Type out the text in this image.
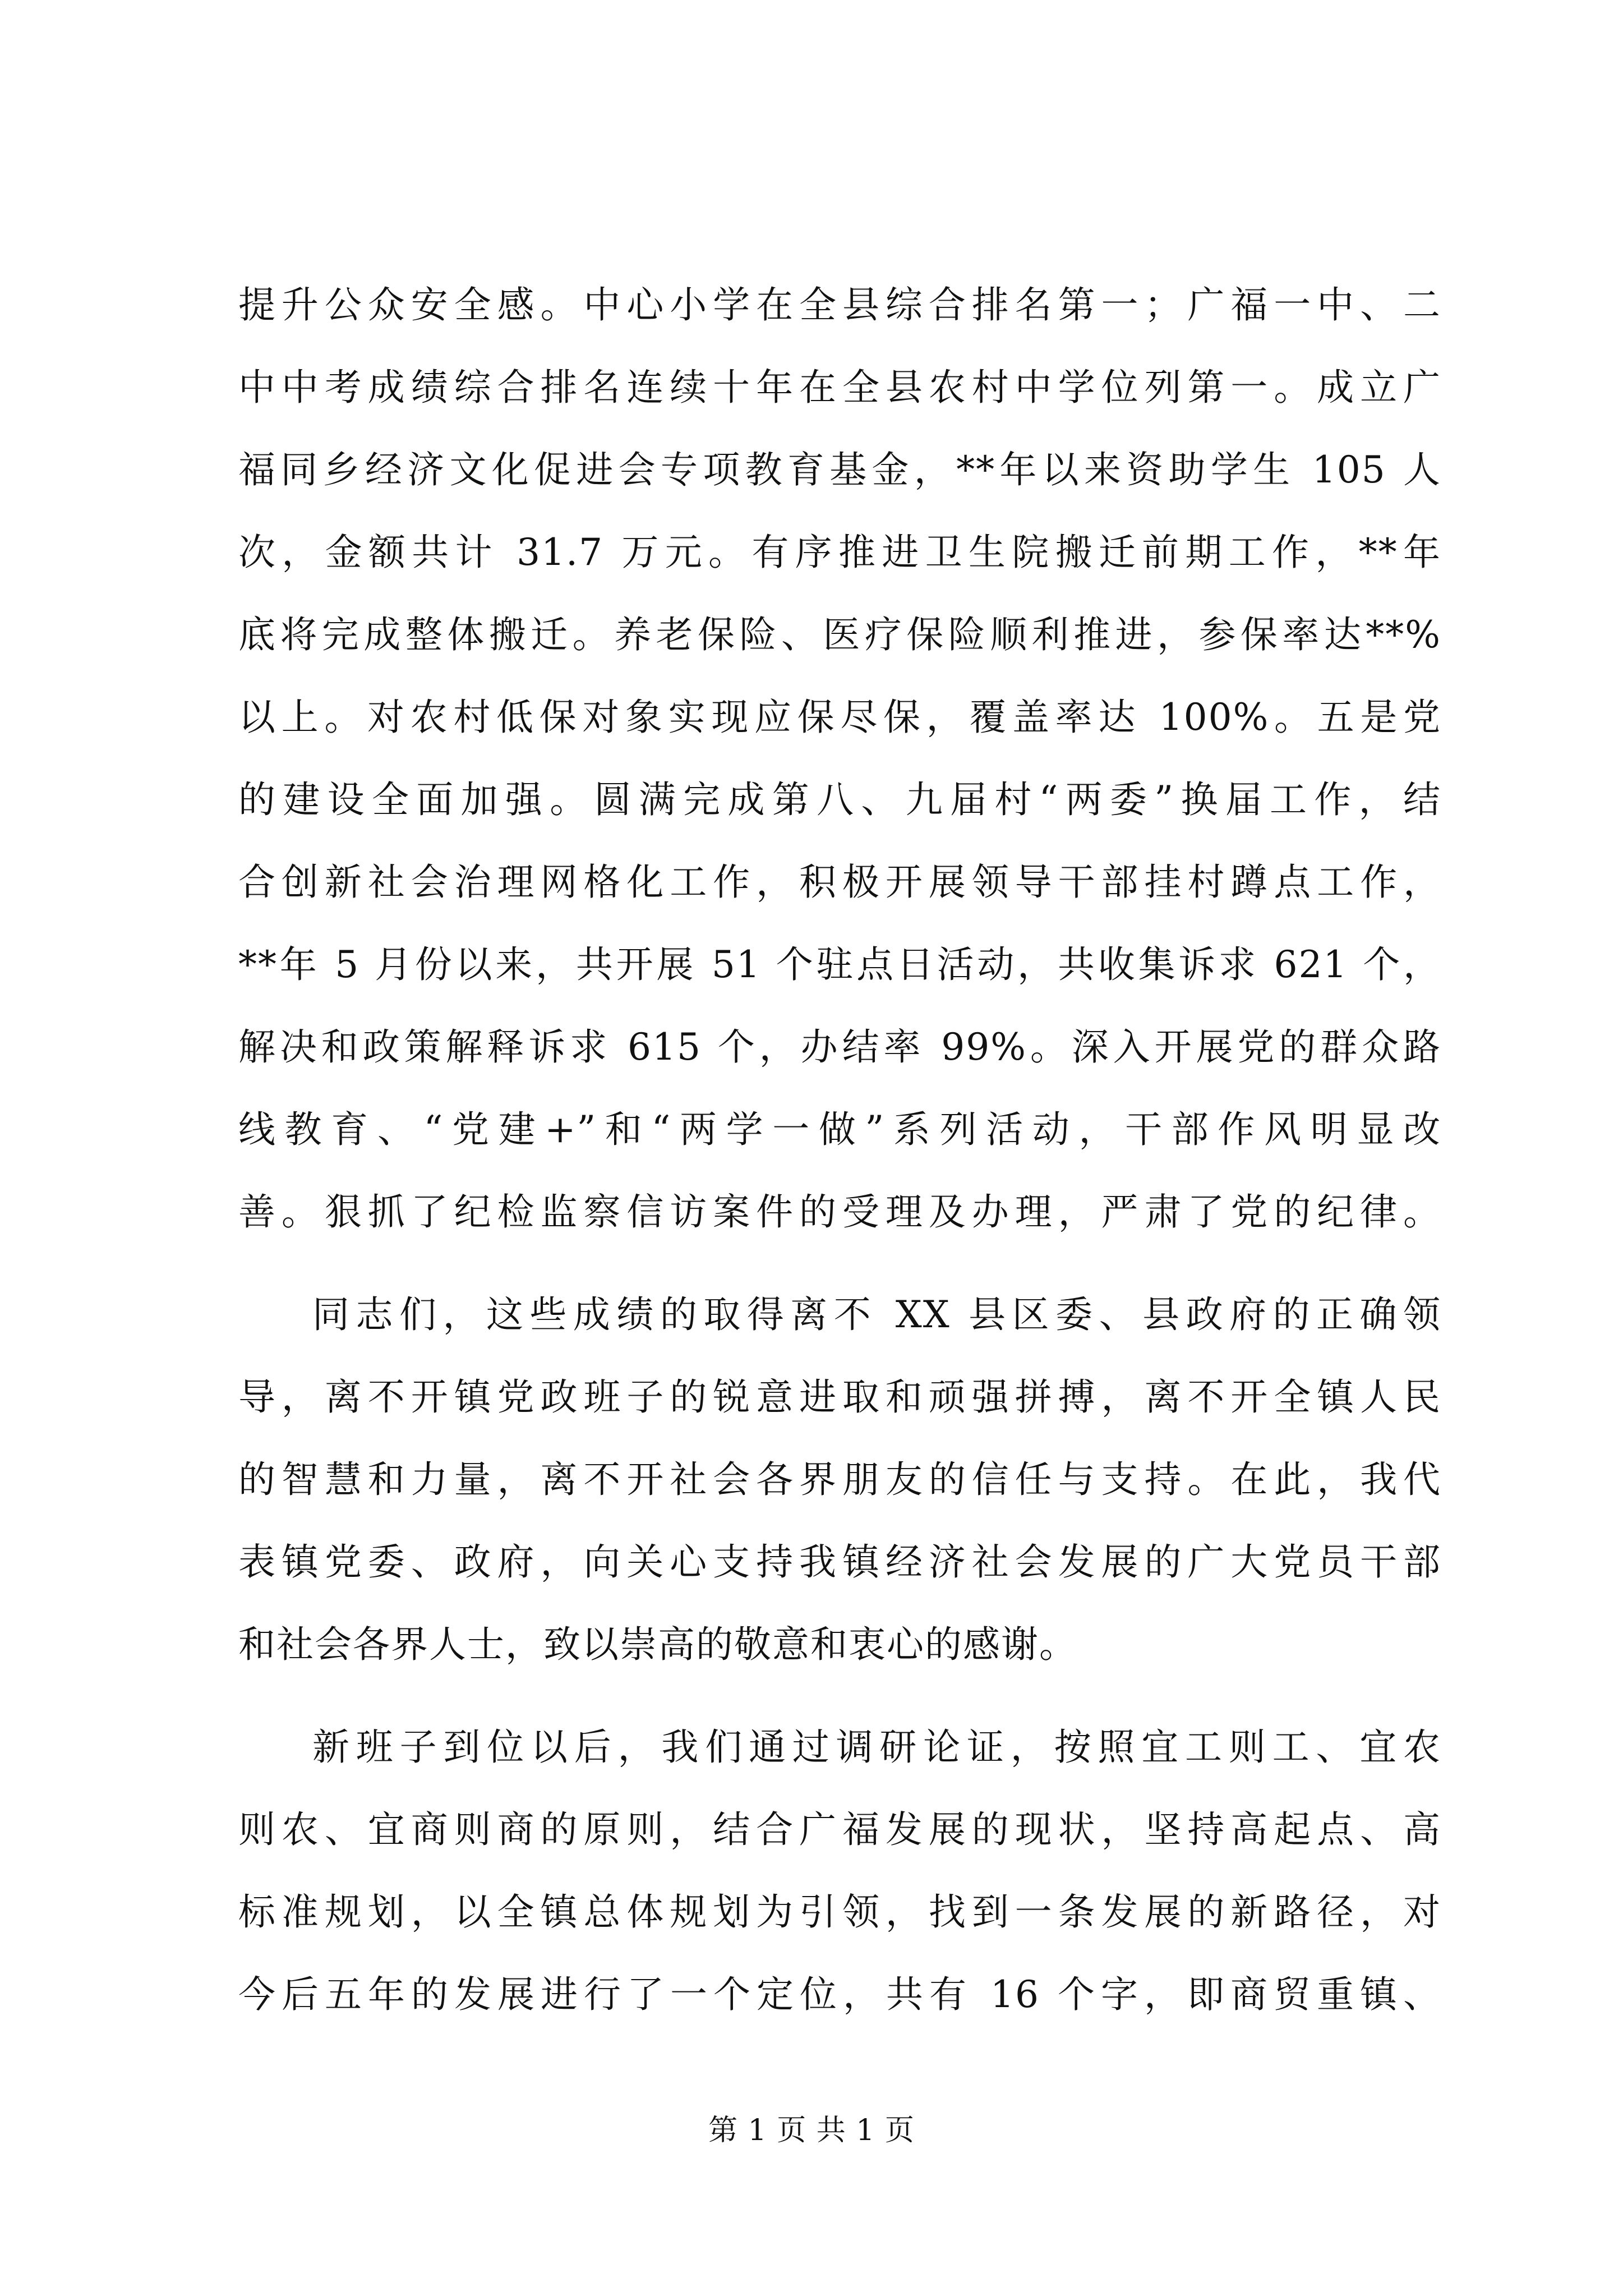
提升公众安全感。中心小学在全县综合排名第一；广福一中、二
中中考成绩综合排名连续十年在全县农村中学位列第一。成立广
福同乡经济文化促进会专项教育基金，**年以来资助学生 105 人
次，金额共计 31.7 万元。有序推进卫生院搬迁前期工作，**年
底将完成整体搬迁。养老保险、医疗保险顺利推进，参保率达**%
以上。对农村低保对象实现应保尽保，覆盖率达 100%。五是党
的建设全面加强。圆满完成第八、九届村“两委”换届工作，结
合创新社会治理网格化工作，积极开展领导干部挂村蹲点工作，
**年 5 月份以来，共开展 51 个驻点日活动，共收集诉求 621 个，
解决和政策解释诉求 615 个，办结率 99%。深入开展党的群众路
线教育、“党建+”和“两学一做”系列活动，干部作风明显改
善。狠抓了纪检监察信访案件的受理及办理，严肃了党的纪律。
同志们，这些成绩的取得离不 XX 县区委、县政府的正确领
导，离不开镇党政班子的锐意进取和顽强拼搏，离不开全镇人民
的智慧和力量，离不开社会各界朋友的信任与支持。在此，我代
表镇党委、政府，向关心支持我镇经济社会发展的广大党员干部
和社会各界人士，致以崇高的敬意和衷心的感谢。
新班子到位以后，我们通过调研论证，按照宜工则工、宜农
则农、宜商则商的原则，结合广福发展的现状，坚持高起点、高
标准规划，以全镇总体规划为引领，找到一条发展的新路径，对
今后五年的发展进行了一个定位，共有 16 个字，即商贸重镇、
第 1 页 共 1 页
